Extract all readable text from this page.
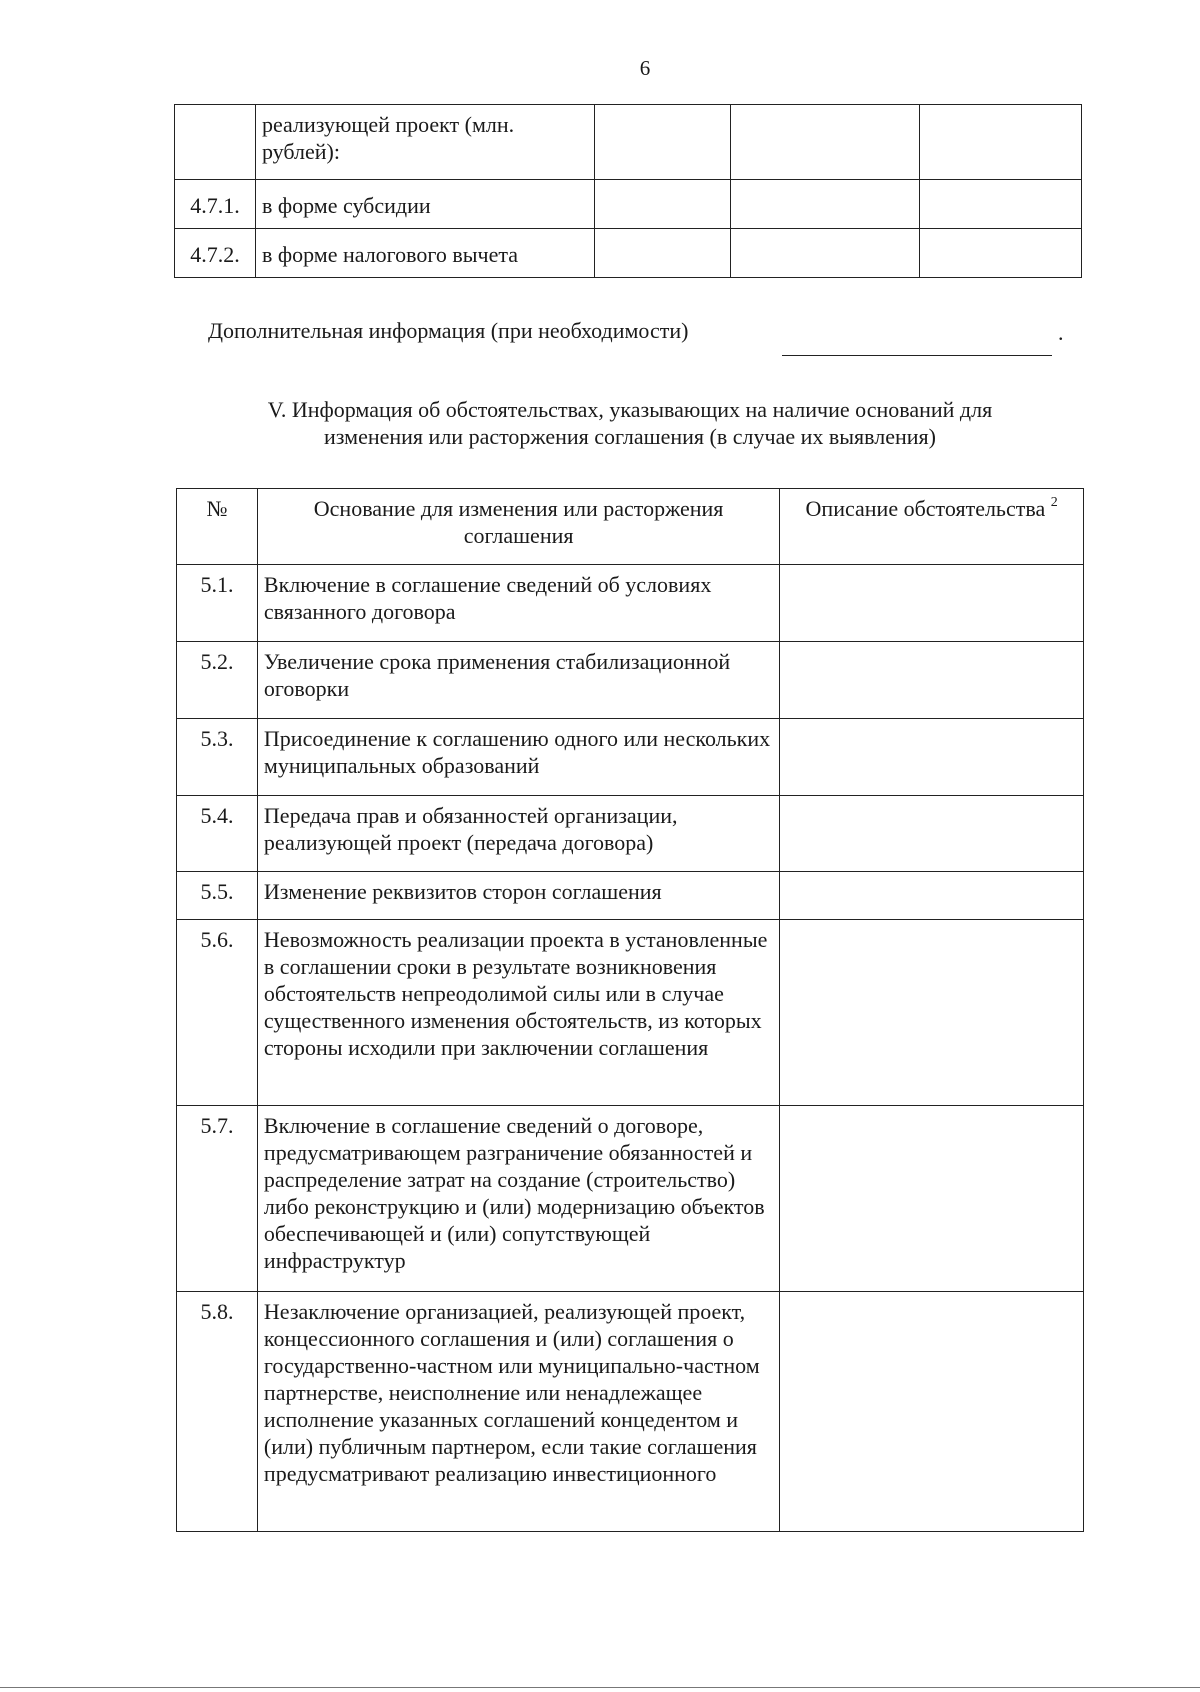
6
	реализующей проект (млн. рублей):			
4.7.1.	в форме субсидии			
4.7.2.	в форме налогового вычета			
Дополнительная информация (при необходимости)	.
V. Информация об обстоятельствах, указывающих на наличие оснований для
изменения или расторжения соглашения (в случае их выявления)
№	Основание для изменения или расторжения соглашения	Описание обстоятельства $^2$
5.1.	Включение в соглашение сведений об условиях связанного договора	
5.2.	Увеличение срока применения стабилизационной оговорки	
5.3.	Присоединение к соглашению одного или нескольких муниципальных образований	
5.4.	Передача прав и обязанностей организации, реализующей проект (передача договора)	
5.5.	Изменение реквизитов сторон соглашения	
5.6.	Невозможность реализации проекта в установленные в соглашении сроки в результате возникновения обстоятельств непреодолимой силы или в случае существенного изменения обстоятельств, из которых стороны исходили при заключении соглашения	
5.7.	Включение в соглашение сведений о договоре, предусматривающем разграничение обязанностей и распределение затрат на создание (строительство) либо реконструкцию и (или) модернизацию объектов обеспечивающей и (или) сопутствующей инфраструктур	
5.8.	Незаключение организацией, реализующей проект, концессионного соглашения и (или) соглашения о государственно-частном или муниципально-частном партнерстве, неисполнение или ненадлежащее исполнение указанных соглашений концедентом и (или) публичным партнером, если такие соглашения предусматривают реализацию инвестиционного	
